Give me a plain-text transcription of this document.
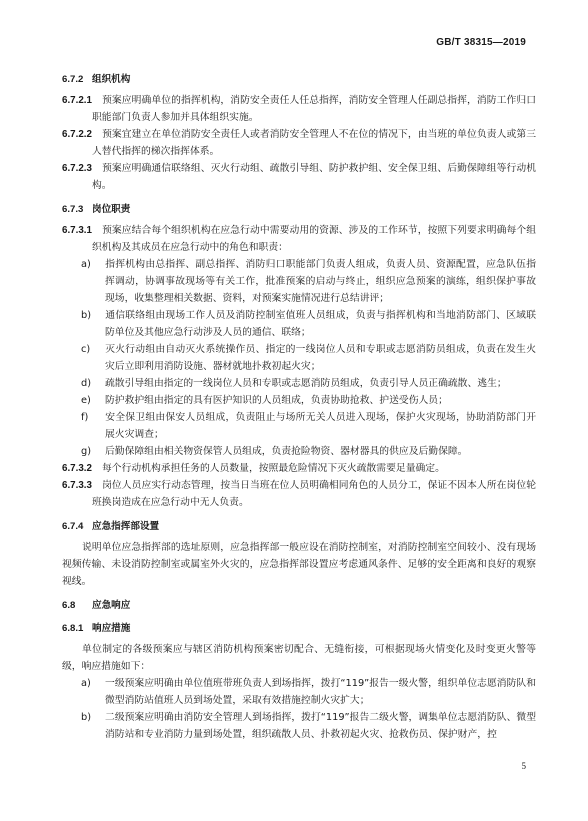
GB/T 38315—2019
6.7.2 组织机构

6.7.2.1 预案应明确单位的指挥机构，消防安全责任人任总指挥，消防安全管理人任副总指挥，消防工作归口职能部门负责人参加并具体组织实施。

6.7.2.2 预案宜建立在单位消防安全责任人或者消防安全管理人不在位的情况下，由当班的单位负责人或第三人替代指挥的梯次指挥体系。

6.7.2.3 预案应明确通信联络组、灭火行动组、疏散引导组、防护救护组、安全保卫组、后勤保障组等行动机构。

6.7.3 岗位职责

6.7.3.1 预案应结合每个组织机构在应急行动中需要动用的资源、涉及的工作环节，按照下列要求明确每个组织机构及其成员在应急行动中的角色和职责：

a) 指挥机构由总指挥、副总指挥、消防归口职能部门负责人组成，负责人员、资源配置，应急队伍指挥调动，协调事故现场等有关工作，批准预案的启动与终止，组织应急预案的演练，组织保护事故现场，收集整理相关数据、资料，对预案实施情况进行总结讲评；

b) 通信联络组由现场工作人员及消防控制室值班人员组成，负责与指挥机构和当地消防部门、区域联防单位及其他应急行动涉及人员的通信、联络；

c) 灭火行动组由自动灭火系统操作员、指定的一线岗位人员和专职或志愿消防员组成，负责在发生火灾后立即利用消防设施、器材就地扑救初起火灾；

d) 疏散引导组由指定的一线岗位人员和专职或志愿消防员组成，负责引导人员正确疏散、逃生；

e) 防护救护组由指定的具有医护知识的人员组成，负责协助抢救、护送受伤人员；

f) 安全保卫组由保安人员组成，负责阻止与场所无关人员进入现场，保护火灾现场，协助消防部门开展火灾调查；

g) 后勤保障组由相关物资保管人员组成，负责抢险物资、器材器具的供应及后勤保障。

6.7.3.2 每个行动机构承担任务的人员数量，按照最危险情况下灭火疏散需要足量确定。

6.7.3.3 岗位人员应实行动态管理，按当日当班在位人员明确相同角色的人员分工，保证不因本人所在岗位轮班换岗造成在应急行动中无人负责。

6.7.4 应急指挥部设置

说明单位应急指挥部的选址原则，应急指挥部一般应设在消防控制室，对消防控制室空间较小、没有现场视频传输、未设消防控制室或属室外火灾的，应急指挥部设置应考虑通风条件、足够的安全距离和良好的观察视线。

6.8 应急响应
6.8.1 响应措施

单位制定的各级预案应与辖区消防机构预案密切配合、无缝衔接，可根据现场火情变化及时变更火警等级，响应措施如下：

a) 一级预案应明确由单位值班带班负责人到场指挥，拨打“119”报告一级火警，组织单位志愿消防队和微型消防站值班人员到场处置，采取有效措施控制火灾扩大；

b) 二级预案应明确由消防安全管理人到场指挥，拨打“119”报告二级火警，调集单位志愿消防队、微型消防站和专业消防力量到场处置，组织疏散人员、扑救初起火灾、抢救伤员、保护财产，控

5
